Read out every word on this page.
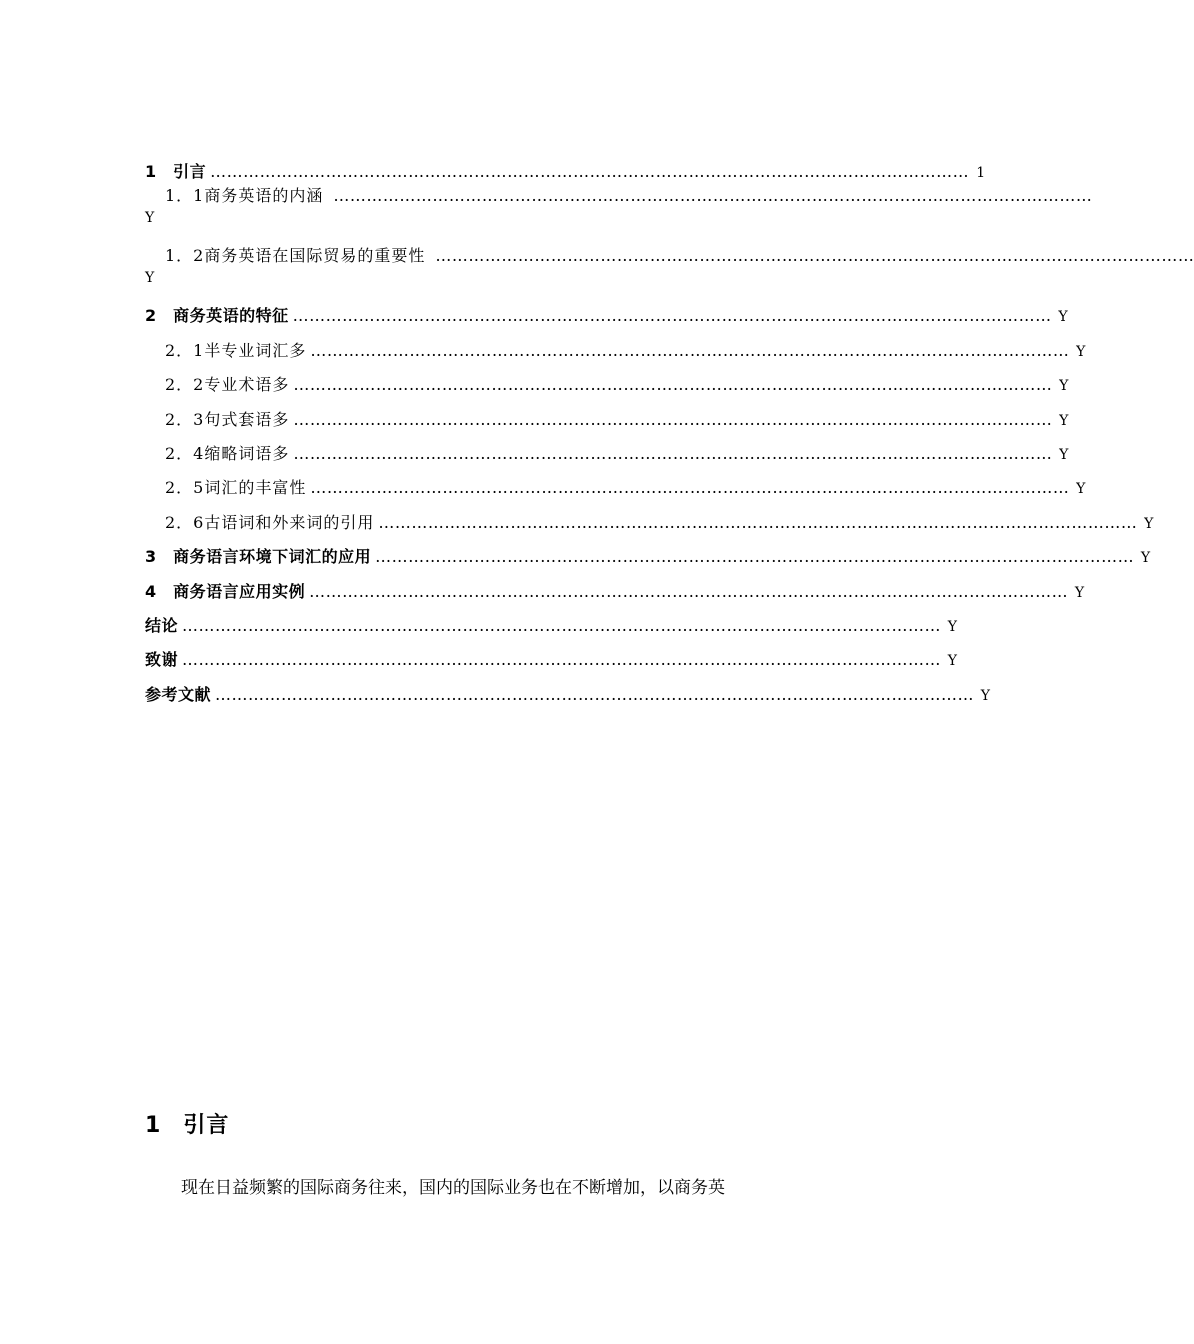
1　引言 ………………………………………………………………………………………………………………………… 1
1．1商务英语的内涵 …………………………………………………………………………………………………………………………
Y
1．2商务英语在国际贸易的重要性 …………………………………………………………………………………………………………………………
Y
2　商务英语的特征 ………………………………………………………………………………………………………………………… Y
2．1半专业词汇多 ………………………………………………………………………………………………………………………… Y
2．2专业术语多 ………………………………………………………………………………………………………………………… Y
2．3句式套语多 ………………………………………………………………………………………………………………………… Y
2．4缩略词语多 ………………………………………………………………………………………………………………………… Y
2．5词汇的丰富性 ………………………………………………………………………………………………………………………… Y
2．6古语词和外来词的引用 ………………………………………………………………………………………………………………………… Y
3　商务语言环境下词汇的应用 ………………………………………………………………………………………………………………………… Y
4　商务语言应用实例 ………………………………………………………………………………………………………………………… Y
结论 ………………………………………………………………………………………………………………………… Y
致谢 ………………………………………………………………………………………………………………………… Y
参考文献 ………………………………………………………………………………………………………………………… Y
1 引言
现在日益频繁的国际商务往来，国内的国际业务也在不断增加，以商务英
